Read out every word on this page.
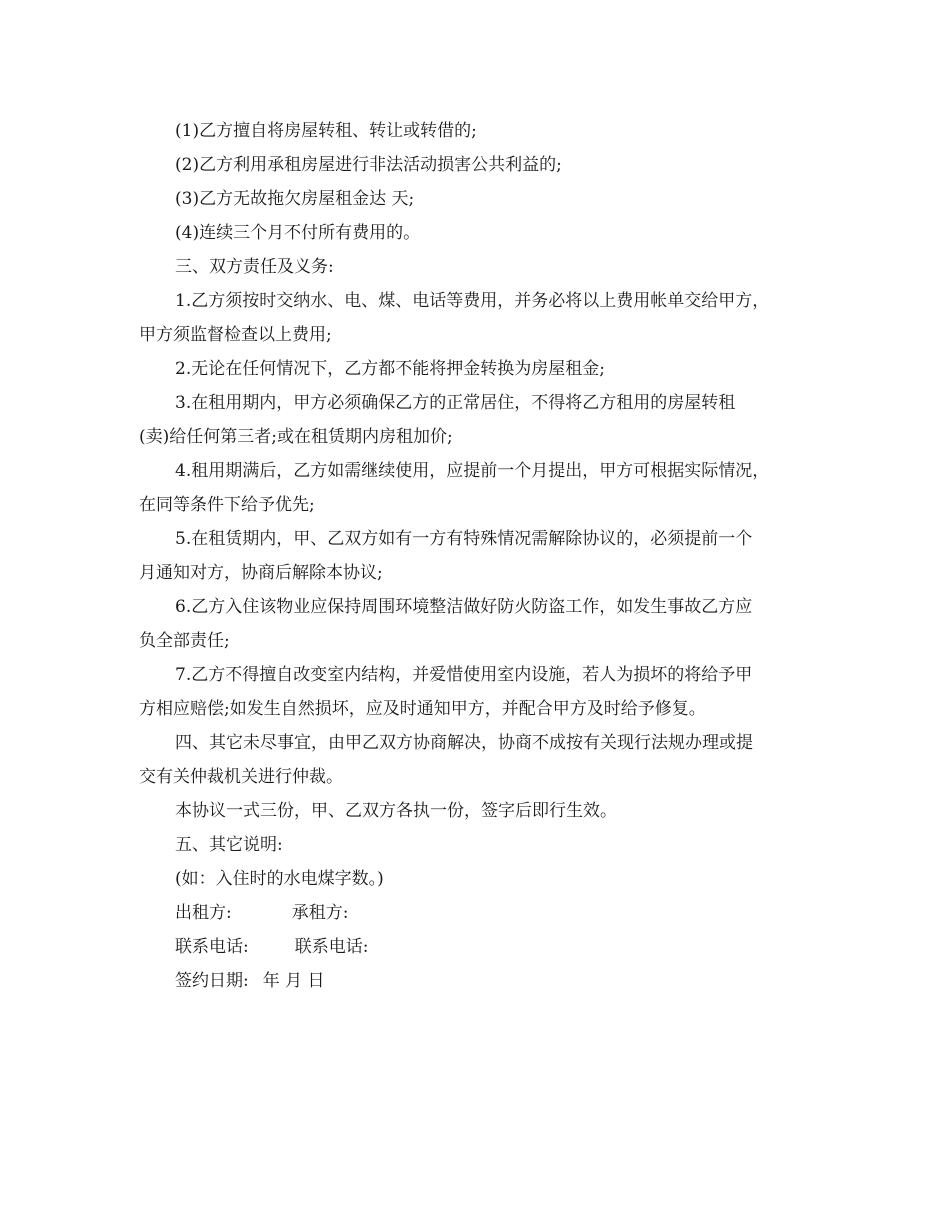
(1)乙方擅自将房屋转租、转让或转借的;
(2)乙方利用承租房屋进行非法活动损害公共利益的;
(3)乙方无故拖欠房屋租金达 天;
(4)连续三个月不付所有费用的。
三、双方责任及义务:
1.乙方须按时交纳水、电、煤、电话等费用，并务必将以上费用帐单交给甲方，
甲方须监督检查以上费用;
2.无论在任何情况下，乙方都不能将押金转换为房屋租金;
3.在租用期内，甲方必须确保乙方的正常居住，不得将乙方租用的房屋转租
(卖)给任何第三者;或在租赁期内房租加价;
4.租用期满后，乙方如需继续使用，应提前一个月提出，甲方可根据实际情况，
在同等条件下给予优先;
5.在租赁期内，甲、乙双方如有一方有特殊情况需解除协议的，必须提前一个
月通知对方，协商后解除本协议;
6.乙方入住该物业应保持周围环境整洁做好防火防盗工作，如发生事故乙方应
负全部责任;
7.乙方不得擅自改变室内结构，并爱惜使用室内设施，若人为损坏的将给予甲
方相应赔偿;如发生自然损坏，应及时通知甲方，并配合甲方及时给予修复。
四、其它未尽事宜，由甲乙双方协商解决，协商不成按有关现行法规办理或提
交有关仲裁机关进行仲裁。
本协议一式三份，甲、乙双方各执一份，签字后即行生效。
五、其它说明:
(如：入住时的水电煤字数。)
出租方:	承租方:
联系电话:	联系电话:
签约日期: 年 月 日
